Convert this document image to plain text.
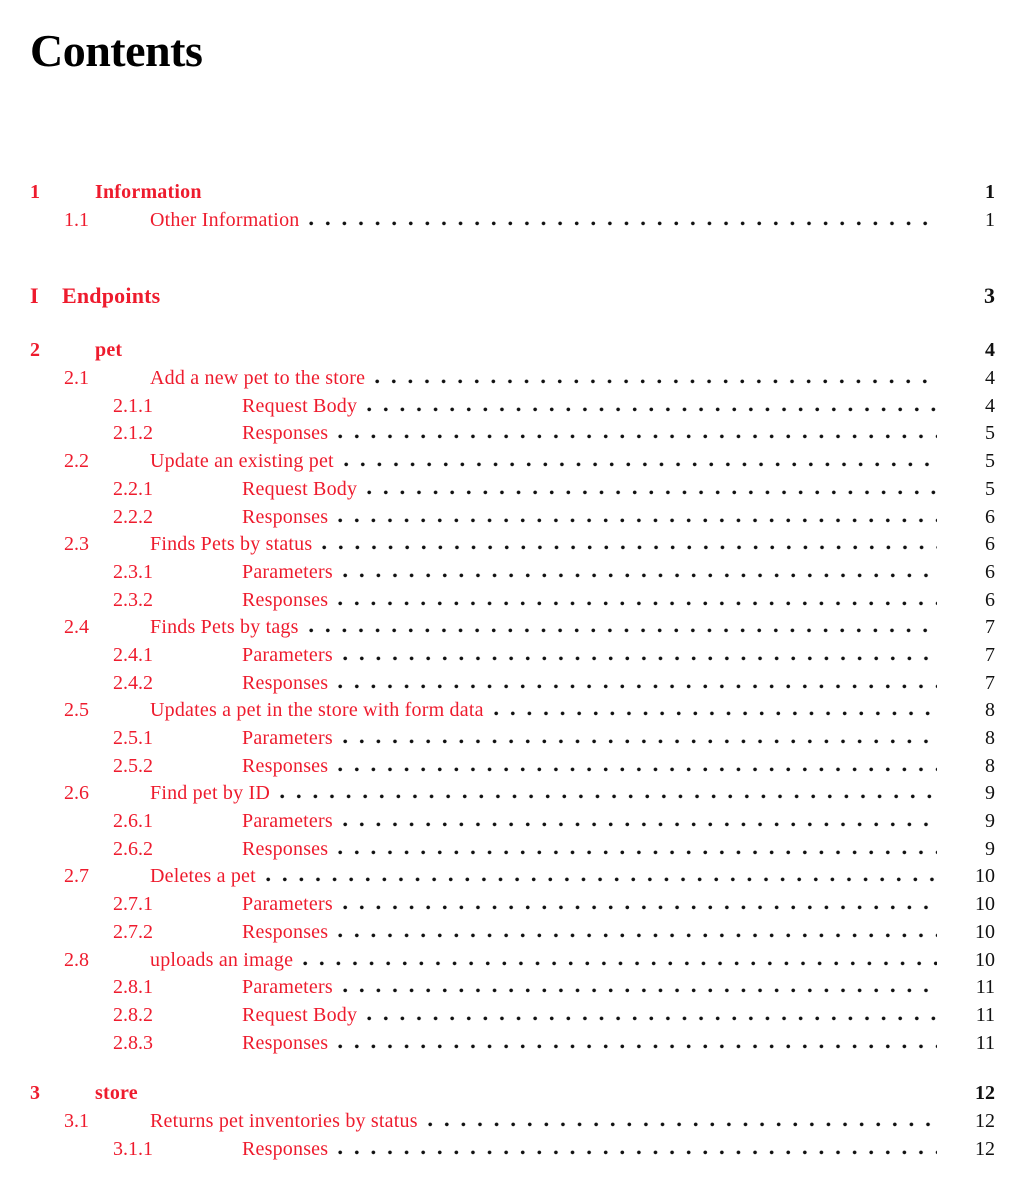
Contents
1	Information	1
1.1	Other Information	1
I	Endpoints	3
2	pet	4
2.1	Add a new pet to the store	4
2.1.1	Request Body	4
2.1.2	Responses	5
2.2	Update an existing pet	5
2.2.1	Request Body	5
2.2.2	Responses	6
2.3	Finds Pets by status	6
2.3.1	Parameters	6
2.3.2	Responses	6
2.4	Finds Pets by tags	7
2.4.1	Parameters	7
2.4.2	Responses	7
2.5	Updates a pet in the store with form data	8
2.5.1	Parameters	8
2.5.2	Responses	8
2.6	Find pet by ID	9
2.6.1	Parameters	9
2.6.2	Responses	9
2.7	Deletes a pet	10
2.7.1	Parameters	10
2.7.2	Responses	10
2.8	uploads an image	10
2.8.1	Parameters	11
2.8.2	Request Body	11
2.8.3	Responses	11
3	store	12
3.1	Returns pet inventories by status	12
3.1.1	Responses	12
